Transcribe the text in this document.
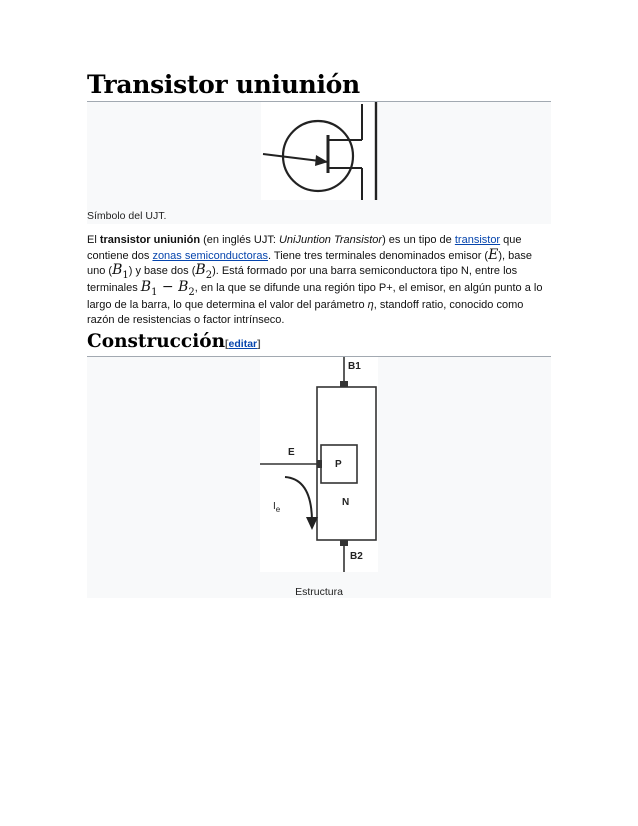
Transistor uniunión
Símbolo del UJT.

El transistor uniunión (en inglés UJT: UniJuntion Transistor) es un tipo de transistor que contiene dos zonas semiconductoras. Tiene tres terminales denominados emisor (E), base uno $(B_1)$ y base dos $(B_2)$. Está formado por una barra semiconductora tipo N, entre los terminales $B_1 - B_2$, en la que se difunde una región tipo P+, el emisor, en algún punto a lo largo de la barra, lo que determina el valor del parámetro η, standoff ratio, conocido como razón de resistencias o factor intrínseco.

Construcción[editar]
B1
P
N
E
$I_e$
B2
Estructura
